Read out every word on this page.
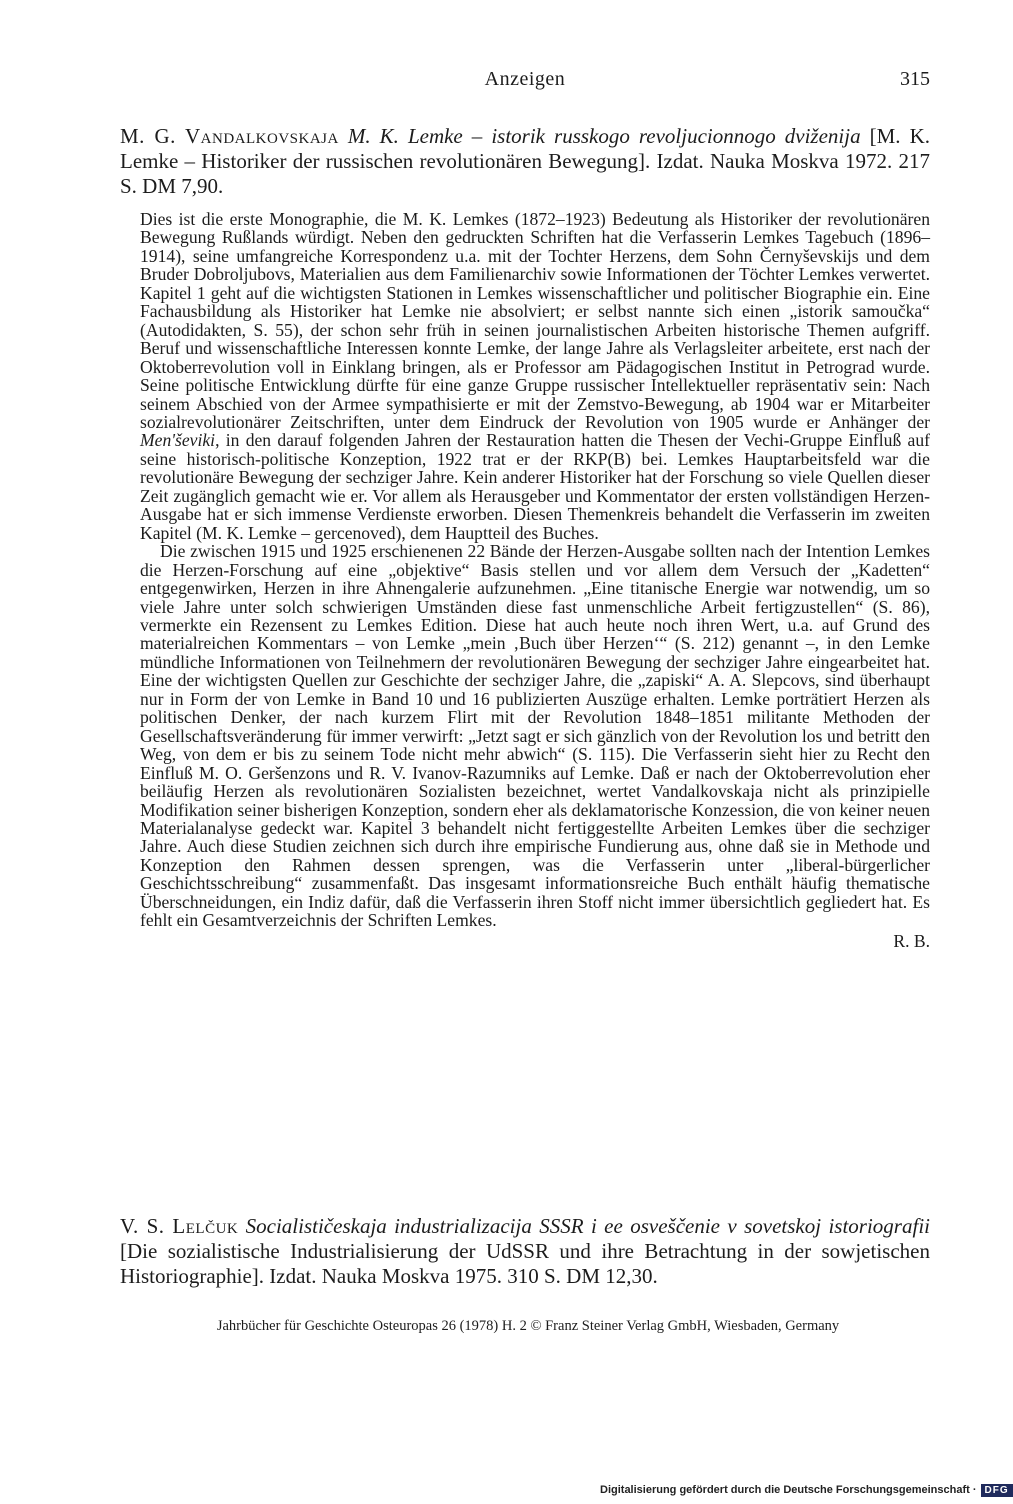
Anzeigen	315
M. G. Vandalkovskaja M. K. Lemke – istorik russkogo revoljucionnogo dviženija [M. K. Lemke – Historiker der russischen revolutionären Bewegung]. Izdat. Nauka Moskva 1972. 217 S. DM 7,90.

Dies ist die erste Monographie, die M. K. Lemkes (1872–1923) Bedeutung als Historiker der revolutionären Bewegung Rußlands würdigt. Neben den gedruckten Schriften hat die Verfasserin Lemkes Tagebuch (1896–1914), seine umfangreiche Korrespondenz u.a. mit der Tochter Herzens, dem Sohn Černyševskijs und dem Bruder Dobroljubovs, Materialien aus dem Familienarchiv sowie Informationen der Töchter Lemkes verwertet. Kapitel 1 geht auf die wichtigsten Stationen in Lemkes wissenschaftlicher und politischer Biographie ein. Eine Fachausbildung als Historiker hat Lemke nie absolviert; er selbst nannte sich einen „istorik samoučka“ (Autodidakten, S. 55), der schon sehr früh in seinen journalistischen Arbeiten historische Themen aufgriff. Beruf und wissenschaftliche Interessen konnte Lemke, der lange Jahre als Verlagsleiter arbeitete, erst nach der Oktoberrevolution voll in Einklang bringen, als er Professor am Pädagogischen Institut in Petrograd wurde. Seine politische Entwicklung dürfte für eine ganze Gruppe russischer Intellektueller repräsentativ sein: Nach seinem Abschied von der Armee sympathisierte er mit der Zemstvo-Bewegung, ab 1904 war er Mitarbeiter sozialrevolutionärer Zeitschriften, unter dem Eindruck der Revolution von 1905 wurde er Anhänger der Men'ševiki, in den darauf folgenden Jahren der Restauration hatten die Thesen der Vechi-Gruppe Einfluß auf seine historisch-politische Konzeption, 1922 trat er der RKP(B) bei. Lemkes Hauptarbeitsfeld war die revolutionäre Bewegung der sechziger Jahre. Kein anderer Historiker hat der Forschung so viele Quellen dieser Zeit zugänglich gemacht wie er. Vor allem als Herausgeber und Kommentator der ersten vollständigen Herzen-Ausgabe hat er sich immense Verdienste erworben. Diesen Themenkreis behandelt die Verfasserin im zweiten Kapitel (M. K. Lemke – gercenoved), dem Hauptteil des Buches.

Die zwischen 1915 und 1925 erschienenen 22 Bände der Herzen-Ausgabe sollten nach der Intention Lemkes die Herzen-Forschung auf eine „objektive“ Basis stellen und vor allem dem Versuch der „Kadetten“ entgegenwirken, Herzen in ihre Ahnengalerie aufzunehmen. „Eine titanische Energie war notwendig, um so viele Jahre unter solch schwierigen Umständen diese fast unmenschliche Arbeit fertigzustellen“ (S. 86), vermerkte ein Rezensent zu Lemkes Edition. Diese hat auch heute noch ihren Wert, u.a. auf Grund des materialreichen Kommentars – von Lemke „mein ‚Buch über Herzen‘“ (S. 212) genannt –, in den Lemke mündliche Informationen von Teilnehmern der revolutionären Bewegung der sechziger Jahre eingearbeitet hat. Eine der wichtigsten Quellen zur Geschichte der sechziger Jahre, die „zapiski“ A. A. Slepcovs, sind überhaupt nur in Form der von Lemke in Band 10 und 16 publizierten Auszüge erhalten. Lemke porträtiert Herzen als politischen Denker, der nach kurzem Flirt mit der Revolution 1848–1851 militante Methoden der Gesellschaftsveränderung für immer verwirft: „Jetzt sagt er sich gänzlich von der Revolution los und betritt den Weg, von dem er bis zu seinem Tode nicht mehr abwich“ (S. 115). Die Verfasserin sieht hier zu Recht den Einfluß M. O. Geršenzons und R. V. Ivanov-Razumniks auf Lemke. Daß er nach der Oktoberrevolution eher beiläufig Herzen als revolutionären Sozialisten bezeichnet, wertet Vandalkovskaja nicht als prinzipielle Modifikation seiner bisherigen Konzeption, sondern eher als deklamatorische Konzession, die von keiner neuen Materialanalyse gedeckt war. Kapitel 3 behandelt nicht fertiggestellte Arbeiten Lemkes über die sechziger Jahre. Auch diese Studien zeichnen sich durch ihre empirische Fundierung aus, ohne daß sie in Methode und Konzeption den Rahmen dessen sprengen, was die Verfasserin unter „liberal-bürgerlicher Geschichtsschreibung“ zusammenfaßt. Das insgesamt informationsreiche Buch enthält häufig thematische Überschneidungen, ein Indiz dafür, daß die Verfasserin ihren Stoff nicht immer übersichtlich gegliedert hat. Es fehlt ein Gesamtverzeichnis der Schriften Lemkes.

R. B.
V. S. Lelčuk Socialističeskaja industrializacija SSSR i ee osveščenie v sovetskoj istoriografii [Die sozialistische Industrialisierung der UdSSR und ihre Betrachtung in der sowjetischen Historiographie]. Izdat. Nauka Moskva 1975. 310 S. DM 12,30.
Jahrbücher für Geschichte Osteuropas 26 (1978) H. 2 © Franz Steiner Verlag GmbH, Wiesbaden, Germany
Digitalisierung gefördert durch die Deutsche Forschungsgemeinschaft · DFG
